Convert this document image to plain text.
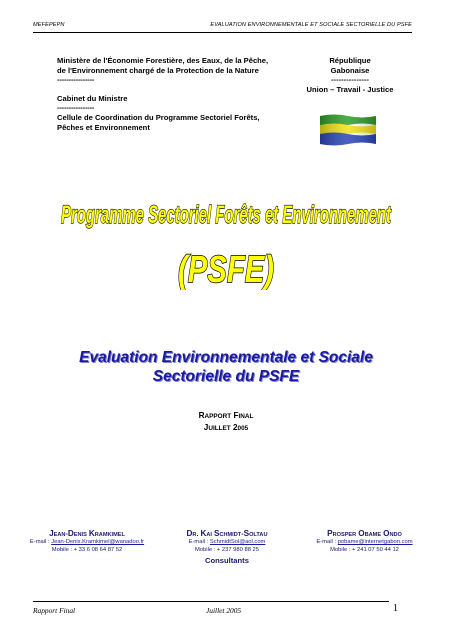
MEFEPEPN	EVALUATION ENVIRONNEMENTALE ET SOCIALE SECTORIELLE DU PSFE
Ministère de l'Économie Forestière, des Eaux, de la Pêche,
de l'Environnement chargé de la Protection de la Nature
----------------
Cabinet du Ministre
----------------
Cellule de Coordination du Programme Sectoriel Forêts,
Pêches et Environnement
République
Gabonaise
---------------
Union – Travail - Justice
Programme Sectoriel Forêts et Environnement
(PSFE)
Evaluation Environnementale et Sociale
Sectorielle du PSFE
RAPPORT FINAL
JUILLET 2005
JEAN-DENIS KRAMKIMEL
E-mail : Jean-Denis.Kramkimel@wanadoo.fr
Mobile : + 33 6 08 64 87 52
DR. KAI SCHMIDT-SOLTAU
E-mail : SchmidtSol@aol.com
Mobile : + 237 980 88 25
PROSPER OBAME ONDO
E-mail : pobame@internetgabon.com
Mobile : + 241 07 50 44 12
Consultants
Rapport Final	Juillet 2005	1
